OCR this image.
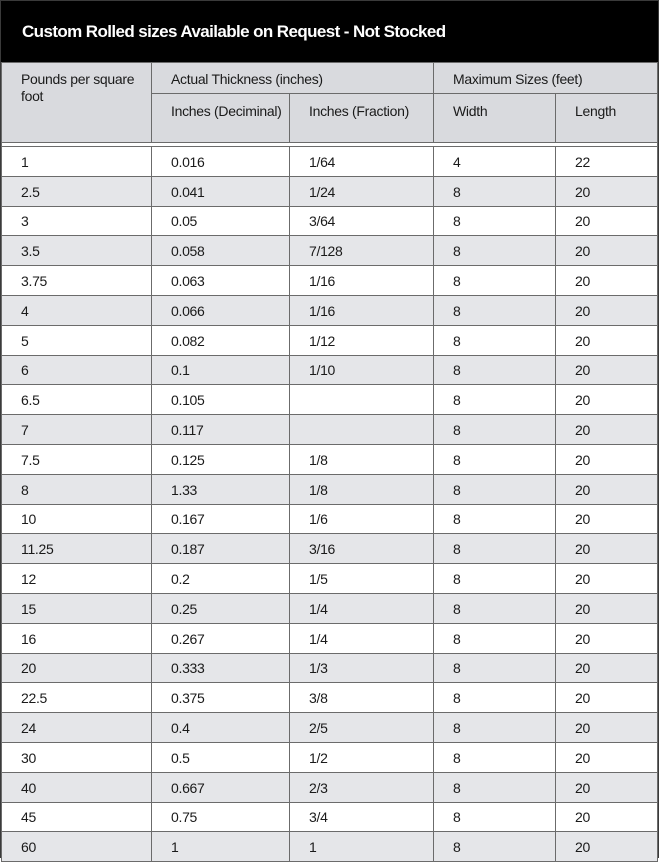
Custom Rolled sizes Available on Request - Not Stocked
Pounds per square foot	Actual Thickness (inches)		Maximum Sizes (feet)	
	Inches (Deciminal)	Inches (Fraction)	Width	Length

1	0.016	1/64	4	22
2.5	0.041	1/24	8	20
3	0.05	3/64	8	20
3.5	0.058	7/128	8	20
3.75	0.063	1/16	8	20
4	0.066	1/16	8	20
5	0.082	1/12	8	20
6	0.1	1/10	8	20
6.5	0.105		8	20
7	0.117		8	20
7.5	0.125	1/8	8	20
8	1.33	1/8	8	20
10	0.167	1/6	8	20
11.25	0.187	3/16	8	20
12	0.2	1/5	8	20
15	0.25	1/4	8	20
16	0.267	1/4	8	20
20	0.333	1/3	8	20
22.5	0.375	3/8	8	20
24	0.4	2/5	8	20
30	0.5	1/2	8	20
40	0.667	2/3	8	20
45	0.75	3/4	8	20
60	1	1	8	20
